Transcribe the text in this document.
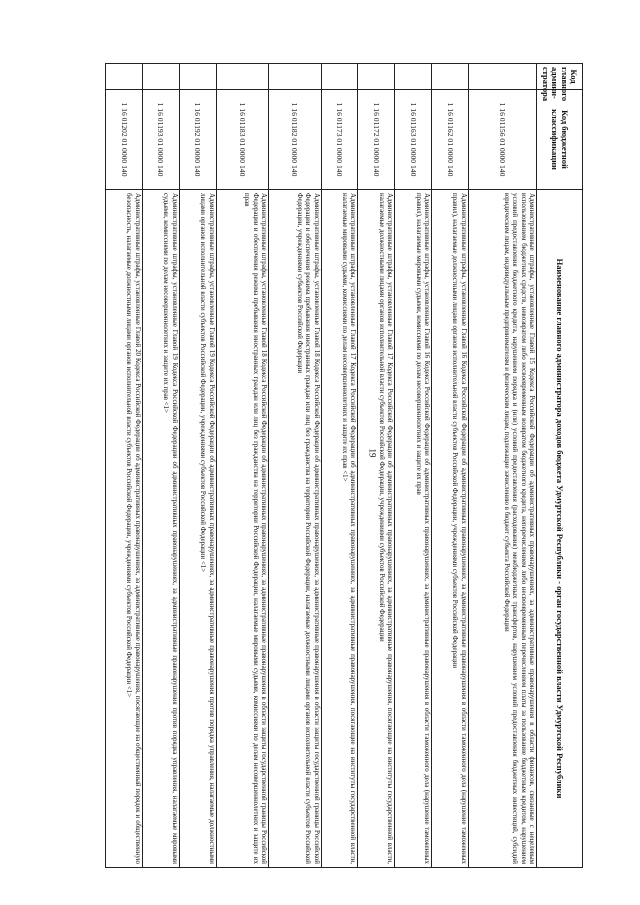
19
Код главного админи-стратора	Код бюджетной классификации	Наименование главного администратора доходов бюджета Удмуртской Республики - орган государственной власти Удмуртской Республики
	1 16 01156 01 0000 140	Административные штрафы, установленные Главой 15 Кодекса Российской Федерации об административных правонарушениях, за административные правонарушения в области финансов, связанные с нецелевым использованием бюджетных средств, невозвратом либо несвоевременным возвратом бюджетного кредита, неперечислением либо несвоевременным перечислением платы за пользование бюджетным кредитом, нарушением условий предоставления бюджетного кредита, нарушением порядка и (или) условий предоставления (расходования) межбюджетных трансфертов, нарушением условий предоставления бюджетных инвестиций, субсидий юридическим лицам, индивидуальным предпринимателям и физическим лицам, подлежащие зачислению в бюджет субъекта Российской Федерации
	1 16 01162 01 0000 140	Административные штрафы, установленные Главой 16 Кодекса Российской Федерации об административных правонарушениях, за административные правонарушения в области таможенного дела (нарушение таможенных правил), налагаемые должностными лицами органов исполнительной власти субъектов Российской Федерации, учреждениями субъектов Российской Федерации
	1 16 01163 01 0000 140	Административные штрафы, установленные Главой 16 Кодекса Российской Федерации об административных правонарушениях, за административные правонарушения в области таможенного дела (нарушение таможенных правил), налагаемые мировыми судьями, комиссиями по делам несовершеннолетних и защите их прав
	1 16 01172 01 0000 140	Административные штрафы, установленные Главой 17 Кодекса Российской Федерации об административных правонарушениях, за административные правонарушения, посягающие на институты государственной власти, налагаемые должностными лицами органов исполнительной власти субъектов Российской Федерации, учреждениями субъектов Российской Федерации
	1 16 01173 01 0000 140	Административные штрафы, установленные Главой 17 Кодекса Российской Федерации об административных правонарушениях, за административные правонарушения, посягающие на институты государственной власти, налагаемые мировыми судьями, комиссиями по делам несовершеннолетних и защите их прав <1>
	1 16 01182 01 0000 140	Административные штрафы, установленные Главой 18 Кодекса Российской Федерации об административных правонарушениях, за административные правонарушения в области защиты государственной границы Российской Федерации и обеспечения режима пребывания иностранных граждан или лиц без гражданства на территории Российской Федерации, налагаемые должностными лицами органов исполнительной власти субъектов Российской Федерации, учреждениями субъектов Российской Федерации
	1 16 01183 01 0000 140	Административные штрафы, установленные Главой 18 Кодекса Российской Федерации об административных правонарушениях, за административные правонарушения в области защиты государственной границы Российской Федерации и обеспечения режима пребывания иностранных граждан или лиц без гражданства на территории Российской Федерации, налагаемые мировыми судьями, комиссиями по делам несовершеннолетних и защите их прав
	1 16 01192 01 0000 140	Административные штрафы, установленные Главой 19 Кодекса Российской Федерации об административных правонарушениях, за административные правонарушения против порядка управления, налагаемые должностными лицами органов исполнительной власти субъектов Российской Федерации, учреждениями субъектов Российской Федерации <1>
	1 16 01193 01 0000 140	Административные штрафы, установленные Главой 19 Кодекса Российской Федерации об административных правонарушениях, за административные правонарушения против порядка управления, налагаемые мировыми судьями, комиссиями по делам несовершеннолетних и защите их прав <1>
	1 16 01202 01 0000 140	Административные штрафы, установленные Главой 20 Кодекса Российской Федерации об административных правонарушениях, за административные правонарушения, посягающие на общественный порядок и общественную безопасность, налагаемые должностными лицами органов исполнительной власти субъектов Российской Федерации, учреждениями субъектов Российской Федерации <1>
